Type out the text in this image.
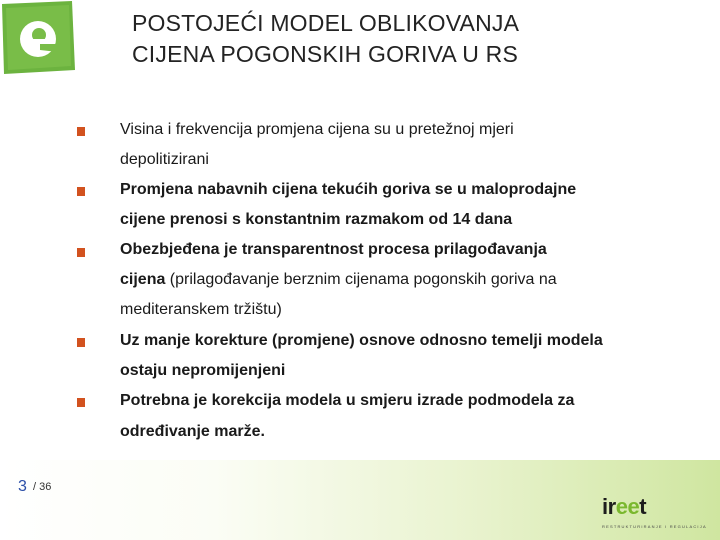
POSTOJEĆI MODEL OBLIKOVANJA
CIJENA POGONSKIH GORIVA U RS
Visina i frekvencija promjena cijena su u pretežnoj mjeri
depolitizirani
Promjena nabavnih cijena tekućih goriva se u maloprodajne
cijene prenosi s konstantnim razmakom od 14 dana
Obezbjeđena je transparentnost procesa prilagođavanja
cijena (prilagođavanje berznim cijenama pogonskih goriva na
mediteranskem tržištu)
Uz manje korekture (promjene) osnove odnosno temelji modela
ostaju nepromijenjeni
Potrebna je korekcija modela u smjeru izrade podmodela za
određivanje marže.
3 / 36
ireet
RESTRUKTURIRANJE I REGULACIJA
